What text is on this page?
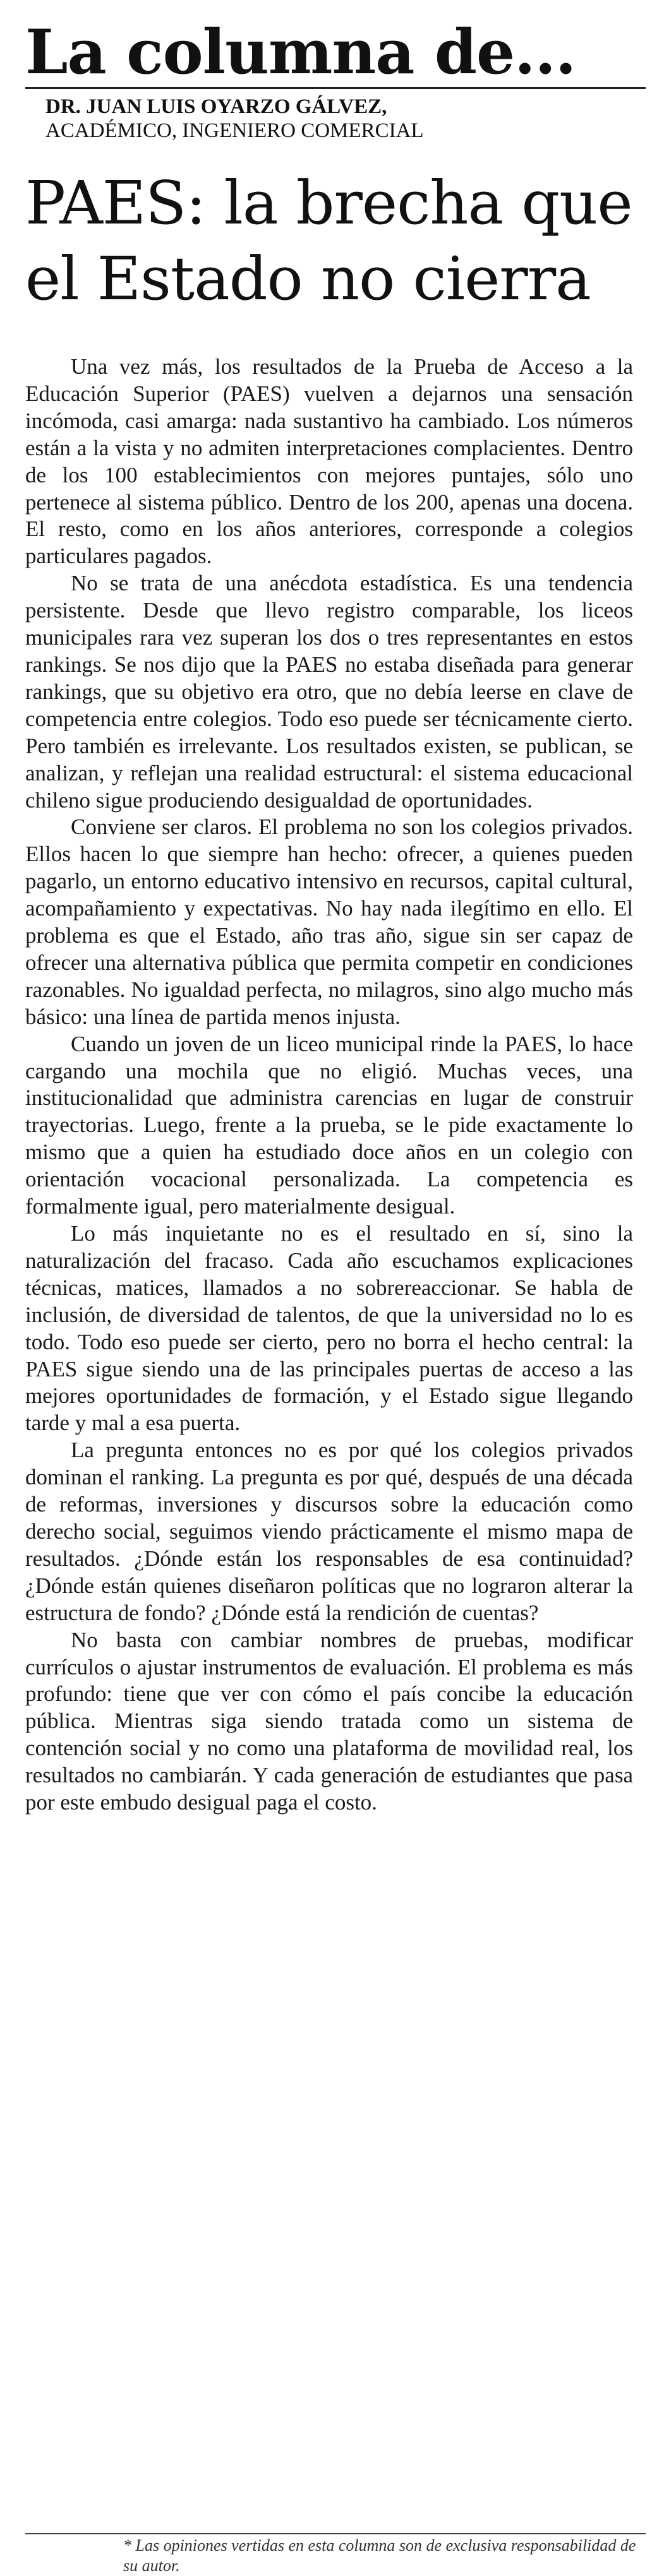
La columna de...
DR. JUAN LUIS OYARZO GÁLVEZ,
ACADÉMICO, INGENIERO COMERCIAL
PAES: la brecha que el Estado no cierra

Una vez más, los resultados de la Prueba de Acceso a la Educación Superior (PAES) vuelven a dejarnos una sensación incómoda, casi amarga: nada sustantivo ha cambiado. Los números están a la vista y no admiten interpretaciones complacientes. Dentro de los 100 establecimientos con mejores puntajes, sólo uno pertenece al sistema público. Dentro de los 200, apenas una docena. El resto, como en los años anteriores, corresponde a colegios particulares pagados.

No se trata de una anécdota estadística. Es una tendencia persistente. Desde que llevo registro comparable, los liceos municipales rara vez superan los dos o tres representantes en estos rankings. Se nos dijo que la PAES no estaba diseñada para generar rankings, que su objetivo era otro, que no debía leerse en clave de competencia entre colegios. Todo eso puede ser técnicamente cierto. Pero también es irrelevante. Los resultados existen, se publican, se analizan, y reflejan una realidad estructural: el sistema educacional chileno sigue produciendo desigualdad de oportunidades.

Conviene ser claros. El problema no son los colegios privados. Ellos hacen lo que siempre han hecho: ofrecer, a quienes pueden pagarlo, un entorno educativo intensivo en recursos, capital cultural, acompañamiento y expectativas. No hay nada ilegítimo en ello. El problema es que el Estado, año tras año, sigue sin ser capaz de ofrecer una alternativa pública que permita competir en condiciones razonables. No igualdad perfecta, no milagros, sino algo mucho más básico: una línea de partida menos injusta.

Cuando un joven de un liceo municipal rinde la PAES, lo hace cargando una mochila que no eligió. Muchas veces, una institucionalidad que administra carencias en lugar de construir trayectorias. Luego, frente a la prueba, se le pide exactamente lo mismo que a quien ha estudiado doce años en un colegio con orientación vocacional personalizada. La competencia es formalmente igual, pero materialmente desigual.

Lo más inquietante no es el resultado en sí, sino la naturalización del fracaso. Cada año escuchamos explicaciones técnicas, matices, llamados a no sobrereaccionar. Se habla de inclusión, de diversidad de talentos, de que la universidad no lo es todo. Todo eso puede ser cierto, pero no borra el hecho central: la PAES sigue siendo una de las principales puertas de acceso a las mejores oportunidades de formación, y el Estado sigue llegando tarde y mal a esa puerta.

La pregunta entonces no es por qué los colegios privados dominan el ranking. La pregunta es por qué, después de una década de reformas, inversiones y discursos sobre la educación como derecho social, seguimos viendo prácticamente el mismo mapa de resultados. ¿Dónde están los responsables de esa continuidad? ¿Dónde están quienes diseñaron políticas que no lograron alterar la estructura de fondo? ¿Dónde está la rendición de cuentas?

No basta con cambiar nombres de pruebas, modificar currículos o ajustar instrumentos de evaluación. El problema es más profundo: tiene que ver con cómo el país concibe la educación pública. Mientras siga siendo tratada como un sistema de contención social y no como una plataforma de movilidad real, los resultados no cambiarán. Y cada generación de estudiantes que pasa por este embudo desigual paga el costo.

* Las opiniones vertidas en esta columna son de exclusiva responsabilidad de su autor.
